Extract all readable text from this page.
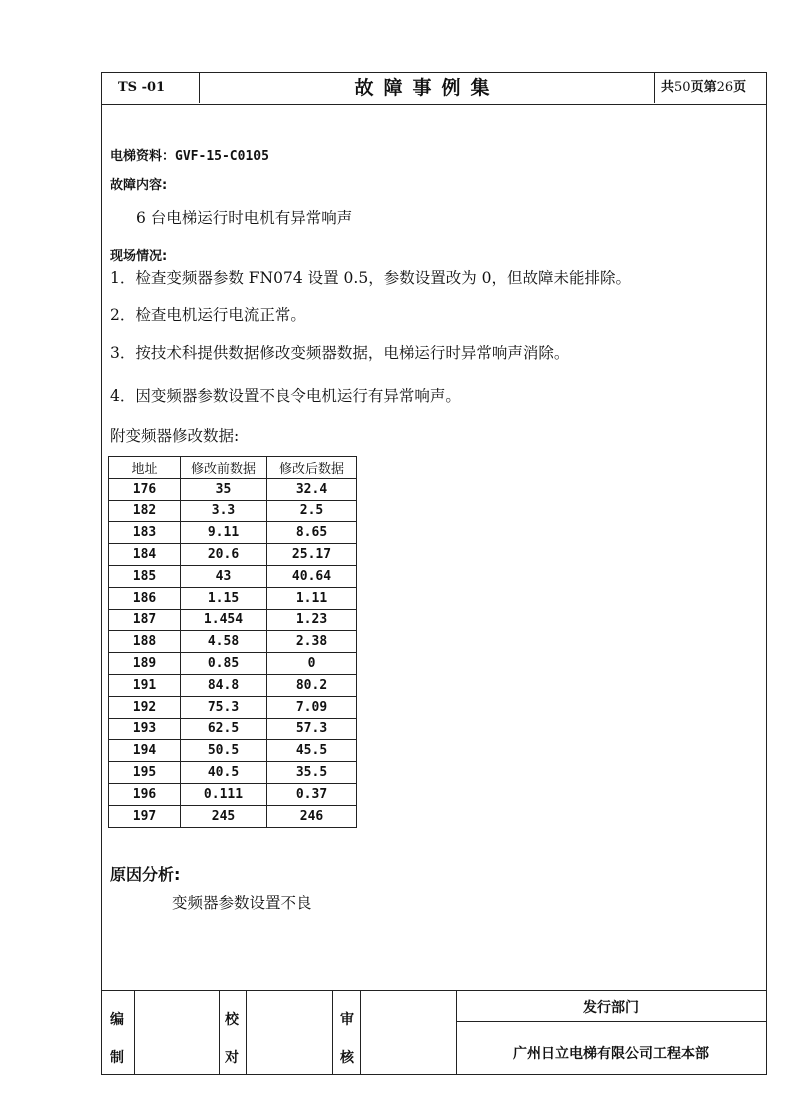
TS -01	故障事例集	共50页第26页
电梯资料：GVF-15-C0105
故障内容:
6 台电梯运行时电机有异常响声
现场情况:
1．检查变频器参数 FN074 设置 0.5，参数设置改为 0，但故障未能排除。
2．检查电机运行电流正常。
3．按技术科提供数据修改变频器数据，电梯运行时异常响声消除。
4．因变频器参数设置不良令电机运行有异常响声。
附变频器修改数据:
地址	修改前数据	修改后数据
176	35	32.4
182	3.3	2.5
183	9.11	8.65
184	20.6	25.17
185	43	40.64
186	1.15	1.11
187	1.454	1.23
188	4.58	2.38
189	0.85	0
191	84.8	80.2
192	75.3	7.09
193	62.5	57.3
194	50.5	45.5
195	40.5	35.5
196	0.111	0.37
197	245	246
原因分析:
变频器参数设置不良
编
制
校
对
审
核
发行部门
广州日立电梯有限公司工程本部
